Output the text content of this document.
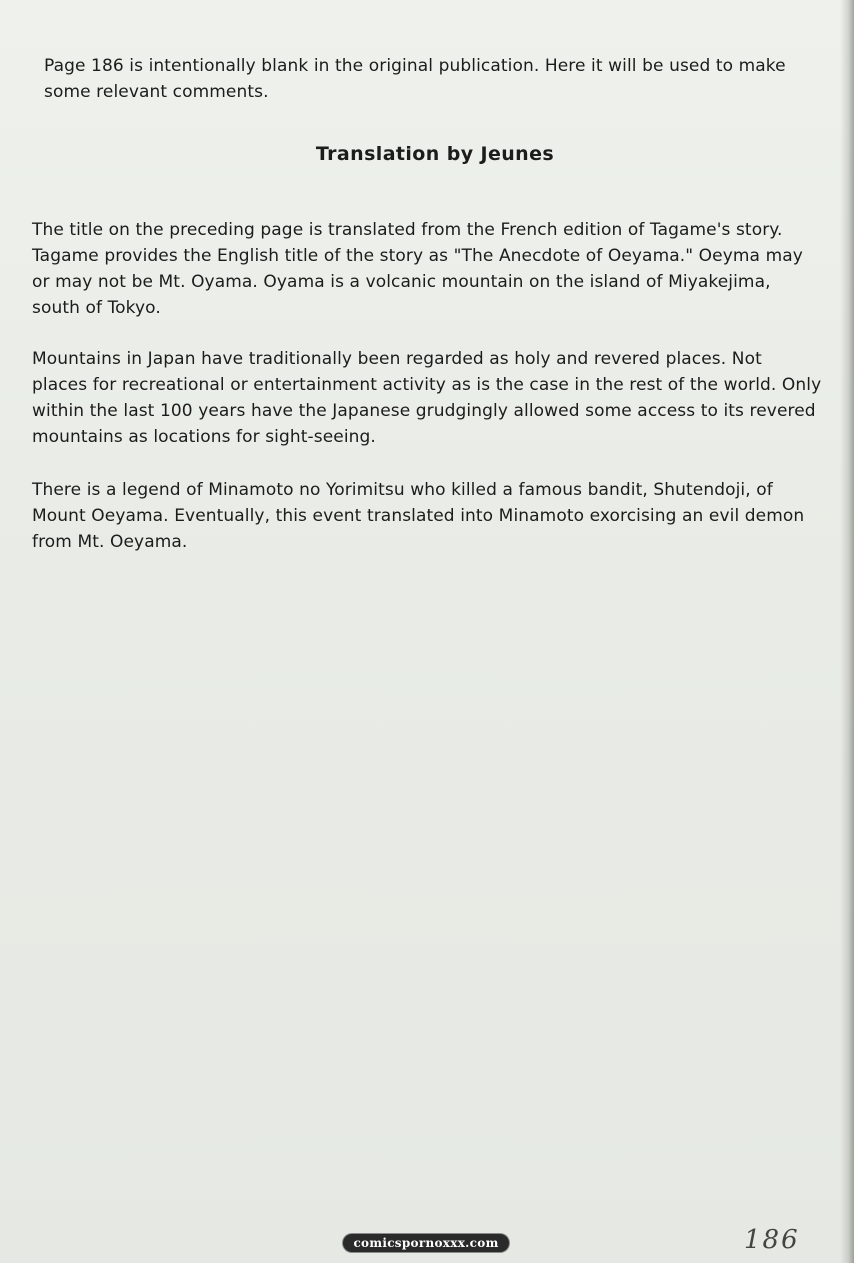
Page 186 is intentionally blank in the original publication. Here it will be used to make some relevant comments.

Translation by Jeunes

The title on the preceding page is translated from the French edition of Tagame's story. Tagame provides the English title of the story as "The Anecdote of Oeyama." Oeyma may or may not be Mt. Oyama. Oyama is a volcanic mountain on the island of Miyakejima, south of Tokyo.

Mountains in Japan have traditionally been regarded as holy and revered places. Not places for recreational or entertainment activity as is the case in the rest of the world. Only within the last 100 years have the Japanese grudgingly allowed some access to its revered mountains as locations for sight-seeing.

There is a legend of Minamoto no Yorimitsu who killed a famous bandit, Shutendoji, of Mount Oeyama. Eventually, this event translated into Minamoto exorcising an evil demon from Mt. Oeyama.

comicspornoxxx.com	186
